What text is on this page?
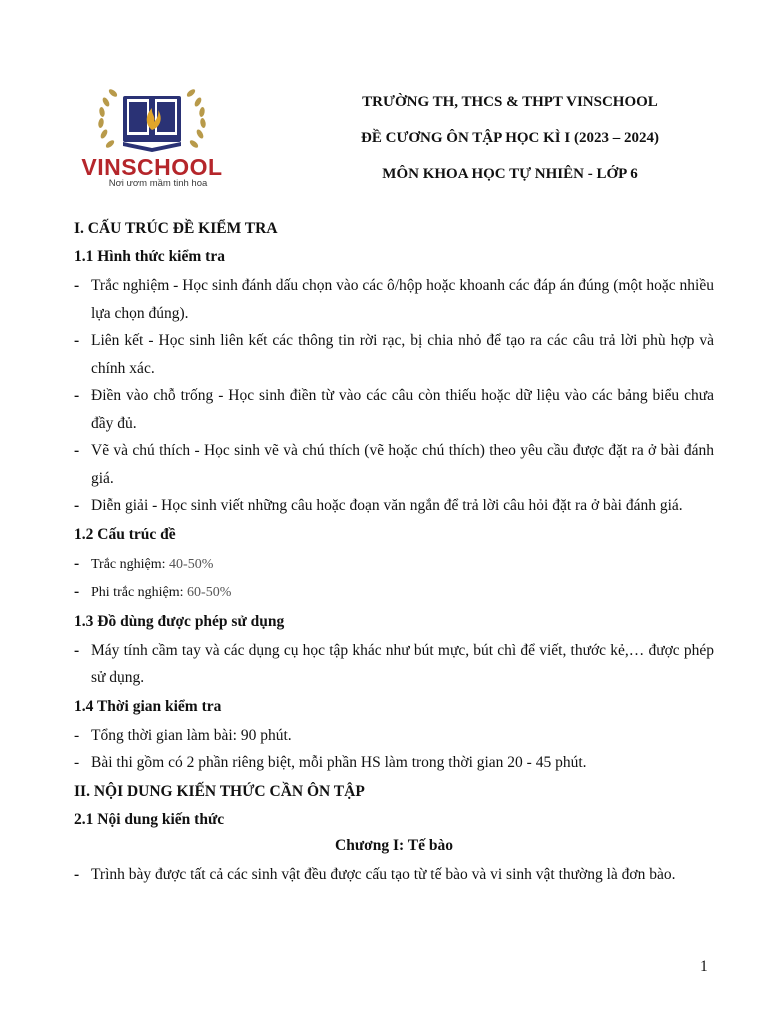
VINSCHOOL
Nơi ươm mầm tinh hoa
TRƯỜNG TH, THCS & THPT VINSCHOOL
ĐỀ CƯƠNG ÔN TẬP HỌC KÌ I (2023 – 2024)
MÔN KHOA HỌC TỰ NHIÊN - LỚP 6
I. CẤU TRÚC ĐỀ KIỂM TRA
1.1 Hình thức kiểm tra
- Trắc nghiệm - Học sinh đánh dấu chọn vào các ô/hộp hoặc khoanh các đáp án đúng (một hoặc nhiều lựa chọn đúng).
- Liên kết - Học sinh liên kết các thông tin rời rạc, bị chia nhỏ để tạo ra các câu trả lời phù hợp và chính xác.
- Điền vào chỗ trống - Học sinh điền từ vào các câu còn thiếu hoặc dữ liệu vào các bảng biểu chưa đầy đủ.
- Vẽ và chú thích - Học sinh vẽ và chú thích (vẽ hoặc chú thích) theo yêu cầu được đặt ra ở bài đánh giá.
- Diễn giải - Học sinh viết những câu hoặc đoạn văn ngắn để trả lời câu hỏi đặt ra ở bài đánh giá.
1.2 Cấu trúc đề
- Trắc nghiệm: 40-50%
- Phi trắc nghiệm: 60-50%
1.3 Đồ dùng được phép sử dụng
- Máy tính cầm tay và các dụng cụ học tập khác như bút mực, bút chì để viết, thước kẻ,… được phép sử dụng.
1.4 Thời gian kiểm tra
- Tổng thời gian làm bài: 90 phút.
- Bài thi gồm có 2 phần riêng biệt, mỗi phần HS làm trong thời gian 20 - 45 phút.
II. NỘI DUNG KIẾN THỨC CẦN ÔN TẬP
2.1 Nội dung kiến thức
Chương I: Tế bào
- Trình bày được tất cả các sinh vật đều được cấu tạo từ tế bào và vi sinh vật thường là đơn bào.
1
